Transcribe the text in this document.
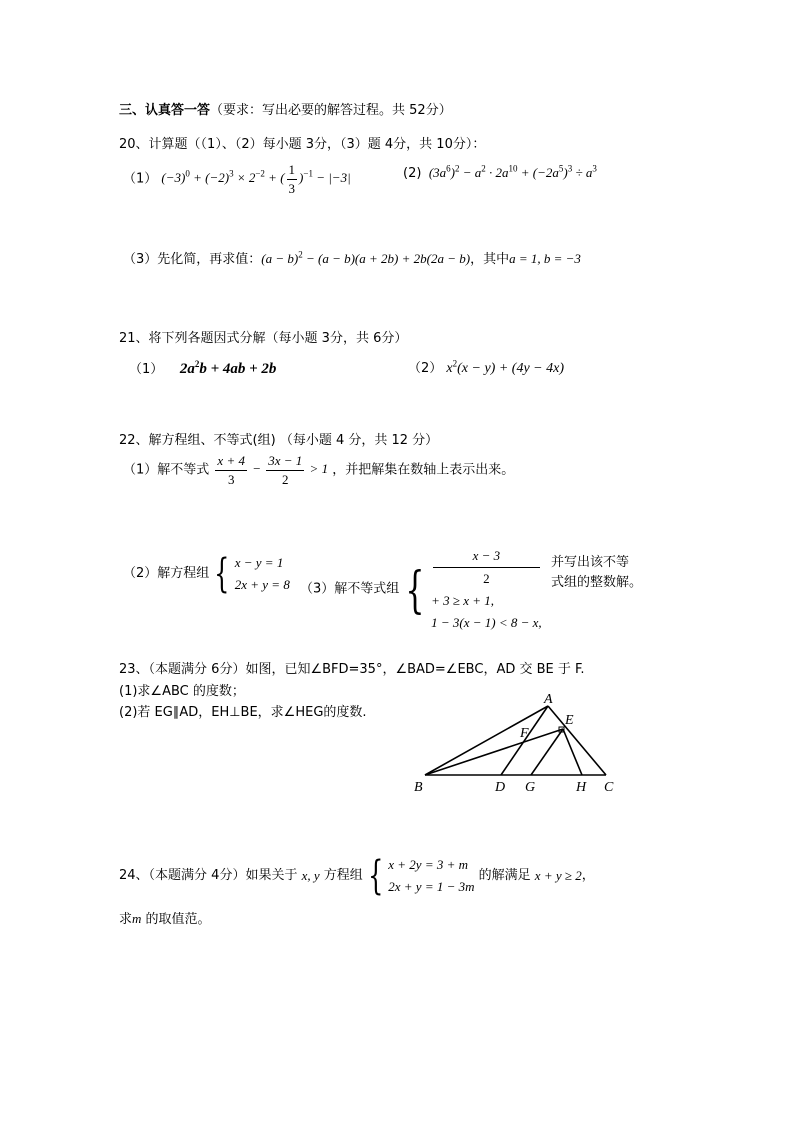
三、认真答一答（要求：写出必要的解答过程。共 52分）
20、计算题（（1）、（2）每小题 3分，（3）题 4分，共 10分）：
（1） $(-3)^0 + (-2)^3 \times 2^{-2}$ + ( $\frac{1}{3} )^{-1} - |-3|$	(2)  $(3a^6)^2 - a^2 \cdot 2a^{10} + (-2a^5)^3 \div a^3$
（3）先化简，再求值：$(a - b)^2 - (a - b)(a + 2b) + 2b(2a - b)$，其中a = 1, b = −3
21、将下列各题因式分解（每小题 3分，共 6分）
（1） $2a^2b + 4ab + 2b$	（2） $x^2(x - y) + (4y - 4x)$
22、解方程组、不等式(组) （每小题 4 分，共 12 分）
（1）解不等式 $\frac{x + 4}{3} - \frac{3x - 1}{2} > 1$ ，并把解集在数轴上表示出来。
（2）解方程组 { x − y = 1
2x + y = 8 （3）解不等式组 {
x − 3
2
+ 3 ≥ x + 1,
1 − 3(x − 1) < 8 − x,
并写出该不等
式组的整数解。
23、（本题满分 6分）如图，已知∠BFD=35°，∠BAD=∠EBC，AD 交 BE 于 F.
(1)求∠ABC 的度数；
(2)若 EG∥AD，EH⊥BE，求∠HEG的度数.
A
E
F
B	D G	H C
24、（本题满分 4分）如果关于 x, y 方程组 { x + 2y = 3 + m
2x + y = 1 − 3m
的解满足 x + y ≥ 2，
求m 的取值范。
